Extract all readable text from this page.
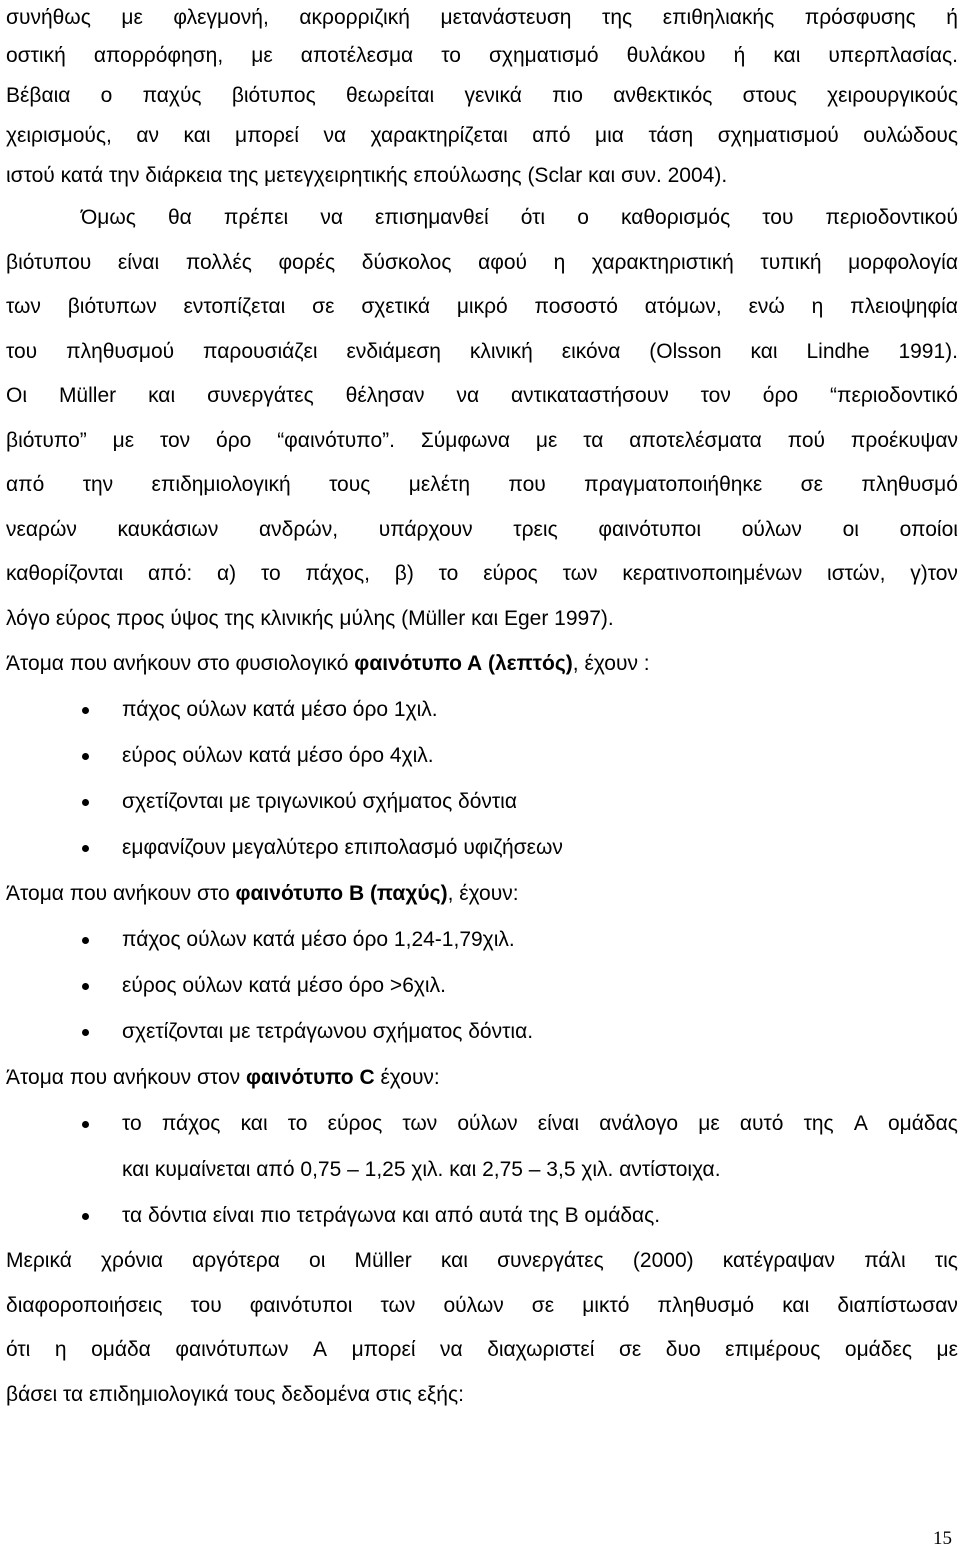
συνήθως με φλεγμονή, ακρορριζική μετανάστευση της επιθηλιακής πρόσφυσης ή
οστική απορρόφηση, με αποτέλεσμα το σχηματισμό θυλάκου ή και υπερπλασίας.
Βέβαια ο παχύς βιότυπος θεωρείται γενικά πιο ανθεκτικός στους χειρουργικούς
χειρισμούς, αν και μπορεί να χαρακτηρίζεται από μια τάση σχηματισμού ουλώδους
ιστού κατά την διάρκεια της μετεγχειρητικής επούλωσης (Sclar και συν. 2004).
Όμως θα πρέπει να επισημανθεί ότι ο καθορισμός του περιοδοντικού
βιότυπου είναι πολλές φορές δύσκολος αφού η χαρακτηριστική τυπική μορφολογία
των βιότυπων εντοπίζεται σε σχετικά μικρό ποσοστό ατόμων, ενώ η πλειοψηφία
του πληθυσμού παρουσιάζει ενδιάμεση κλινική εικόνα (Olsson και Lindhe 1991).
Οι Müller και συνεργάτες θέλησαν να αντικαταστήσουν τον όρο “περιοδοντικό
βιότυπο” με τον όρο “φαινότυπο”. Σύμφωνα με τα αποτελέσματα πού προέκυψαν
από την επιδημιολογική τους μελέτη που πραγματοποιήθηκε σε πληθυσμό
νεαρών καυκάσιων ανδρών, υπάρχουν τρεις φαινότυποι ούλων οι οποίοι
καθορίζονται από: α) το πάχος, β) το εύρος των κερατινοποιημένων ιστών, γ)τον
λόγο εύρος προς ύψος της κλινικής μύλης (Müller και Eger 1997).
Άτομα που ανήκουν στο φυσιολογικό φαινότυπο Α (λεπτός), έχουν :
πάχος ούλων κατά μέσο όρο 1χιλ.
εύρος ούλων κατά μέσο όρο 4χιλ.
σχετίζονται με τριγωνικού σχήματος δόντια
εμφανίζουν μεγαλύτερο επιπολασμό υφιζήσεων
Άτομα που ανήκουν στο φαινότυπο Β (παχύς), έχουν:
πάχος ούλων κατά μέσο όρο 1,24-1,79χιλ.
εύρος ούλων κατά μέσο όρο >6χιλ.
σχετίζονται με τετράγωνου σχήματος δόντια.
Άτομα που ανήκουν στον φαινότυπο C έχουν:
το πάχος και το εύρος των ούλων είναι ανάλογο με αυτό της Α ομάδας
και κυμαίνεται από 0,75 – 1,25 χιλ. και 2,75 – 3,5 χιλ. αντίστοιχα.
τα δόντια είναι πιο τετράγωνα και από αυτά της Β ομάδας.
Μερικά χρόνια αργότερα οι Müller και συνεργάτες (2000) κατέγραψαν πάλι τις
διαφοροποιήσεις του φαινότυποι των ούλων σε μικτό πληθυσμό και διαπίστωσαν
ότι η ομάδα φαινότυπων Α μπορεί να διαχωριστεί σε δυο επιμέρους ομάδες με
βάσει τα επιδημιολογικά τους δεδομένα στις εξής:
15
